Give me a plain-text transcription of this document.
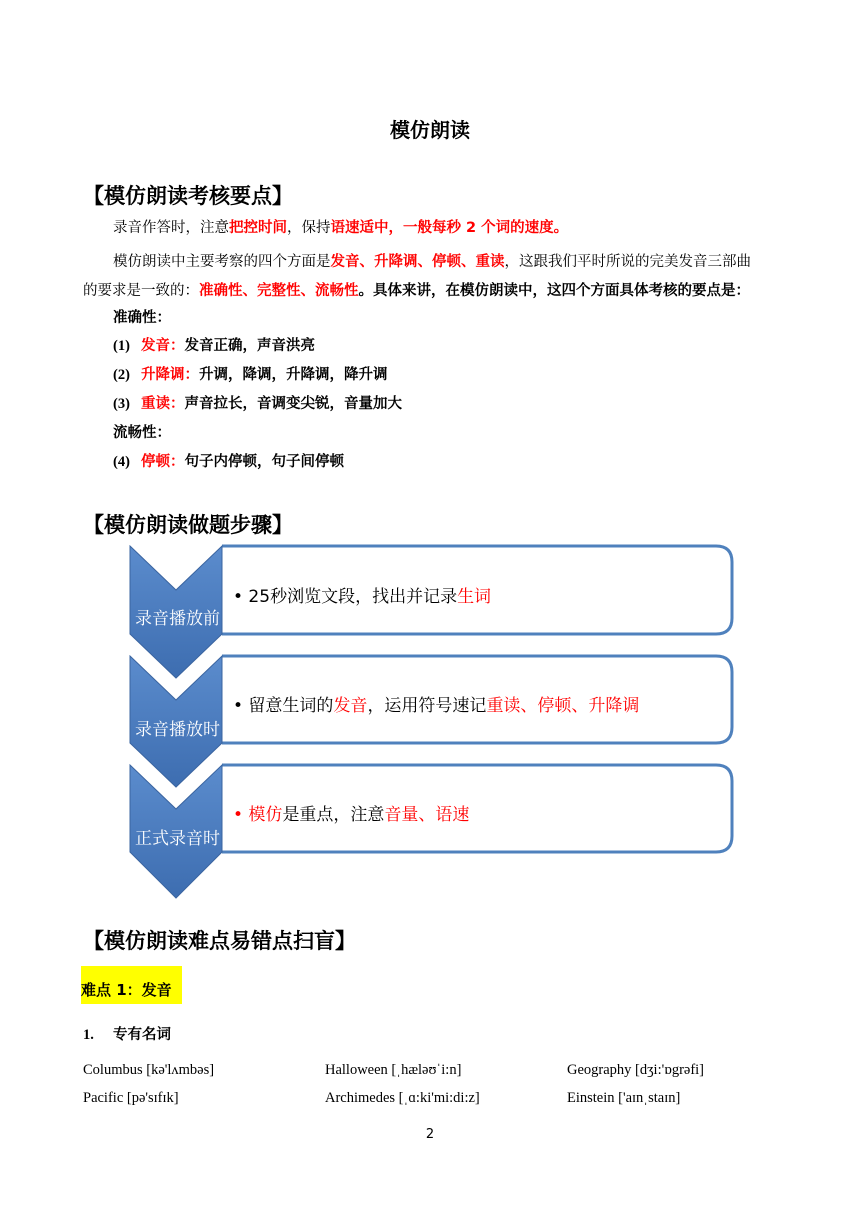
模仿朗读
【模仿朗读考核要点】
录音作答时，注意把控时间，保持语速适中，一般每秒 2 个词的速度。
模仿朗读中主要考察的四个方面是发音、升降调、停顿、重读，这跟我们平时所说的完美发音三部曲
的要求是一致的：准确性、完整性、流畅性。具体来讲，在模仿朗读中，这四个方面具体考核的要点是：
准确性：
(1) 发音：发音正确，声音洪亮
(2) 升降调：升调，降调，升降调，降升调
(3) 重读：声音拉长，音调变尖锐，音量加大
流畅性：
(4) 停顿：句子内停顿，句子间停顿
【模仿朗读做题步骤】
录音播放前
录音播放时
正式录音时
• 25秒浏览文段，找出并记录生词
• 留意生词的发音，运用符号速记重读、停顿、升降调
• 模仿是重点，注意音量、语速
【模仿朗读难点易错点扫盲】
难点 1：发音
1. 专有名词
Columbus [kə'lʌmbəs]	Halloween [ˌhæləʊˈi:n]	Geography [dʒi:'ɒgrəfi]
Pacific [pə'sɪfɪk]	Archimedes [ˌɑ:ki'mi:di:z]	Einstein ['aɪnˌstaɪn]
2
